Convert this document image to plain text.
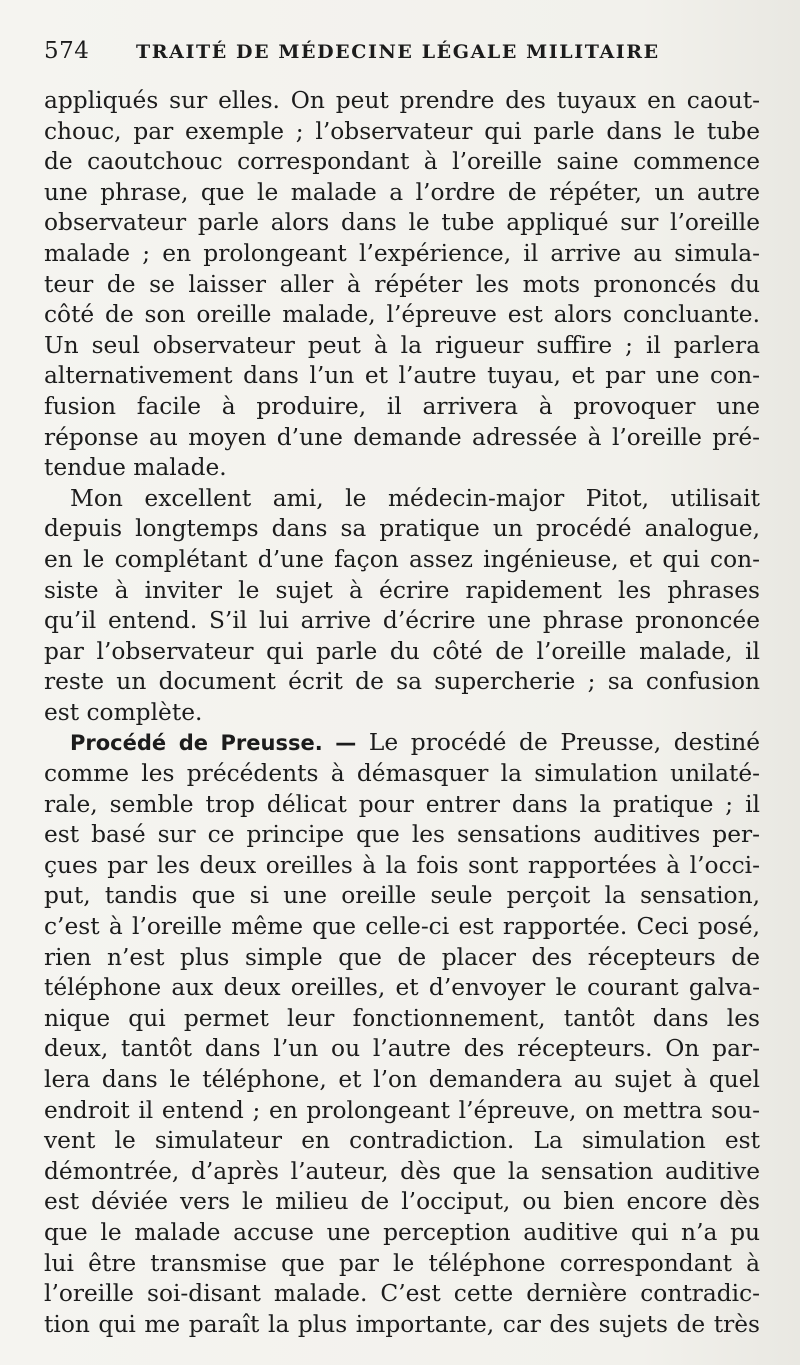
574	TRAITÉ DE MÉDECINE LÉGALE MILITAIRE
appliqués sur elles. On peut prendre des tuyaux en caout-
chouc, par exemple ; l’observateur qui parle dans le tube
de caoutchouc correspondant à l’oreille saine commence
une phrase, que le malade a l’ordre de répéter, un autre
observateur parle alors dans le tube appliqué sur l’oreille
malade ; en prolongeant l’expérience, il arrive au simula-
teur de se laisser aller à répéter les mots prononcés du
côté de son oreille malade, l’épreuve est alors concluante.
Un seul observateur peut à la rigueur suffire ; il parlera
alternativement dans l’un et l’autre tuyau, et par une con-
fusion facile à produire, il arrivera à provoquer une
réponse au moyen d’une demande adressée à l’oreille pré-
tendue malade.
Mon excellent ami, le médecin-major Pitot, utilisait
depuis longtemps dans sa pratique un procédé analogue,
en le complétant d’une façon assez ingénieuse, et qui con-
siste à inviter le sujet à écrire rapidement les phrases
qu’il entend. S’il lui arrive d’écrire une phrase prononcée
par l’observateur qui parle du côté de l’oreille malade, il
reste un document écrit de sa supercherie ; sa confusion
est complète.
Procédé de Preusse. — Le procédé de Preusse, destiné
comme les précédents à démasquer la simulation unilaté-
rale, semble trop délicat pour entrer dans la pratique ; il
est basé sur ce principe que les sensations auditives per-
çues par les deux oreilles à la fois sont rapportées à l’occi-
put, tandis que si une oreille seule perçoit la sensation,
c’est à l’oreille même que celle-ci est rapportée. Ceci posé,
rien n’est plus simple que de placer des récepteurs de
téléphone aux deux oreilles, et d’envoyer le courant galva-
nique qui permet leur fonctionnement, tantôt dans les
deux, tantôt dans l’un ou l’autre des récepteurs. On par-
lera dans le téléphone, et l’on demandera au sujet à quel
endroit il entend ; en prolongeant l’épreuve, on mettra sou-
vent le simulateur en contradiction. La simulation est
démontrée, d’après l’auteur, dès que la sensation auditive
est déviée vers le milieu de l’occiput, ou bien encore dès
que le malade accuse une perception auditive qui n’a pu
lui être transmise que par le téléphone correspondant à
l’oreille soi-disant malade. C’est cette dernière contradic-
tion qui me paraît la plus importante, car des sujets de très
